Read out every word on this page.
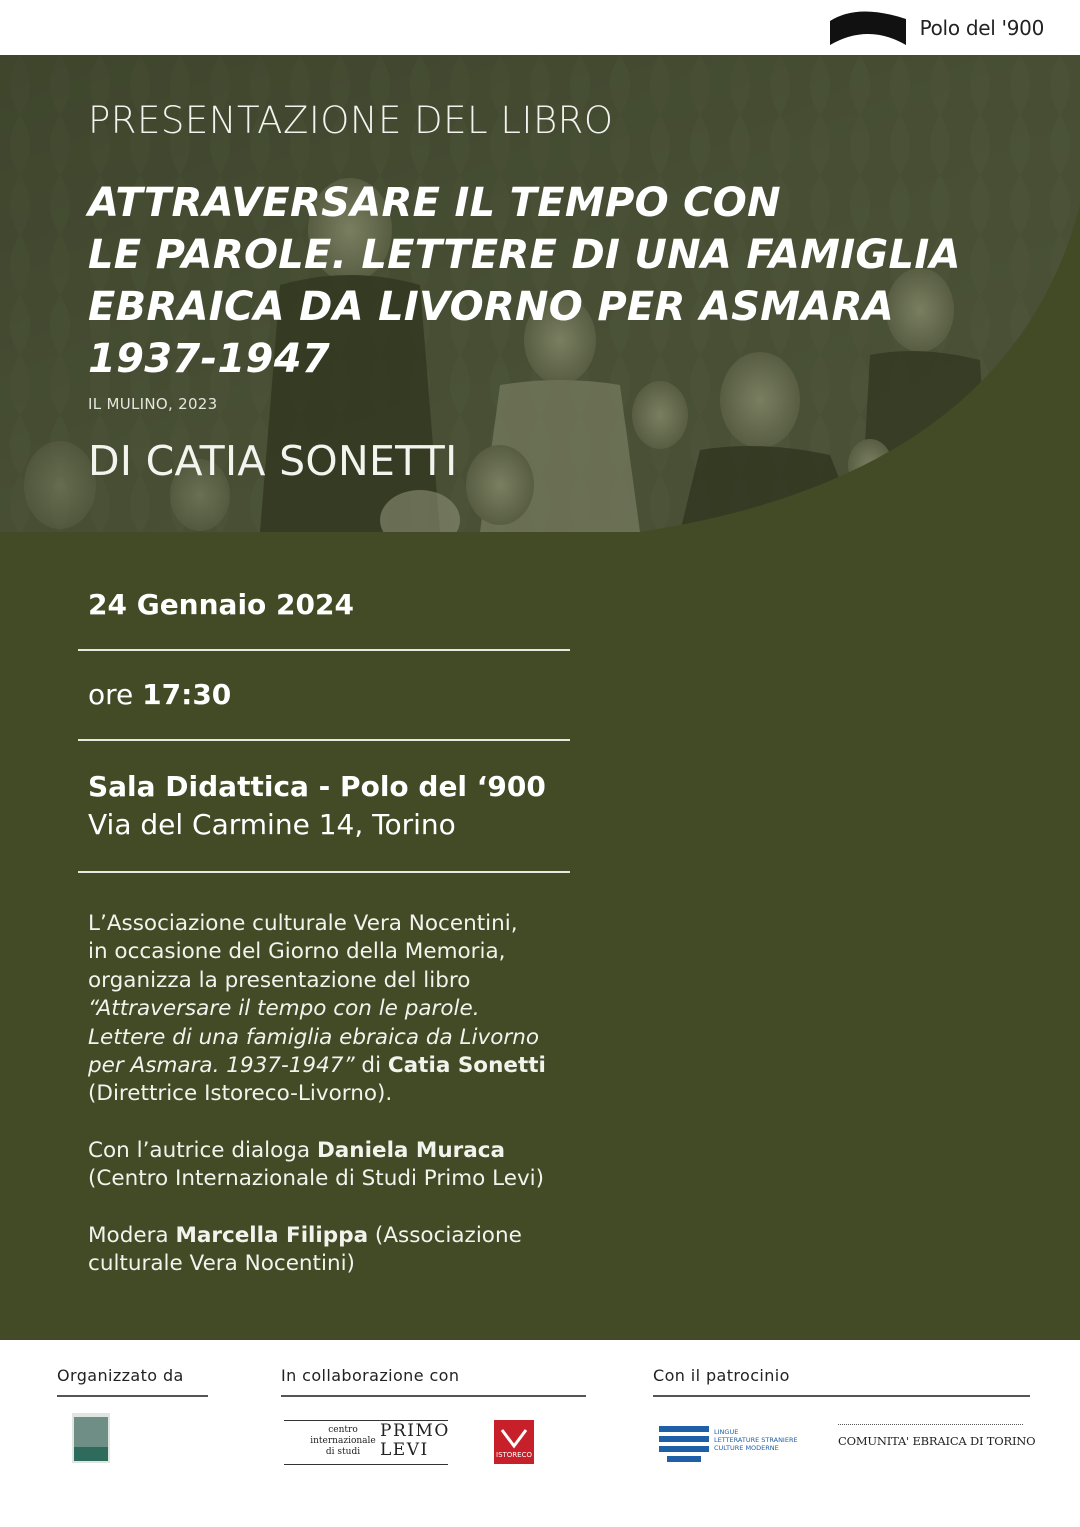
Polo del '900
PRESENTAZIONE DEL LIBRO
ATTRAVERSARE IL TEMPO CON
LE PAROLE. LETTERE DI UNA FAMIGLIA
EBRAICA DA LIVORNO PER ASMARA
1937-1947
IL MULINO, 2023
DI CATIA SONETTI
24 Gennaio 2024
ore 17:30
Sala Didattica - Polo del ‘900
Via del Carmine 14, Torino

L’Associazione culturale Vera Nocentini,
in occasione del Giorno della Memoria,
organizza la presentazione del libro
“Attraversare il tempo con le parole.
Lettere di una famiglia ebraica da Livorno
per Asmara. 1937-1947” di Catia Sonetti
(Direttrice Istoreco-Livorno).

Con l’autrice dialoga Daniela Muraca
(Centro Internazionale di Studi Primo Levi)

Modera Marcella Filippa (Associazione
culturale Vera Nocentini)

Organizzato da	In collaborazione con	Con il patrocinio
centro
internazionale
di studi
PRIMO
LEVI	ISTORECO
LINGUE
LETTERATURE STRANIERE
CULTURE MODERNE	COMUNITA' EBRAICA DI TORINO
